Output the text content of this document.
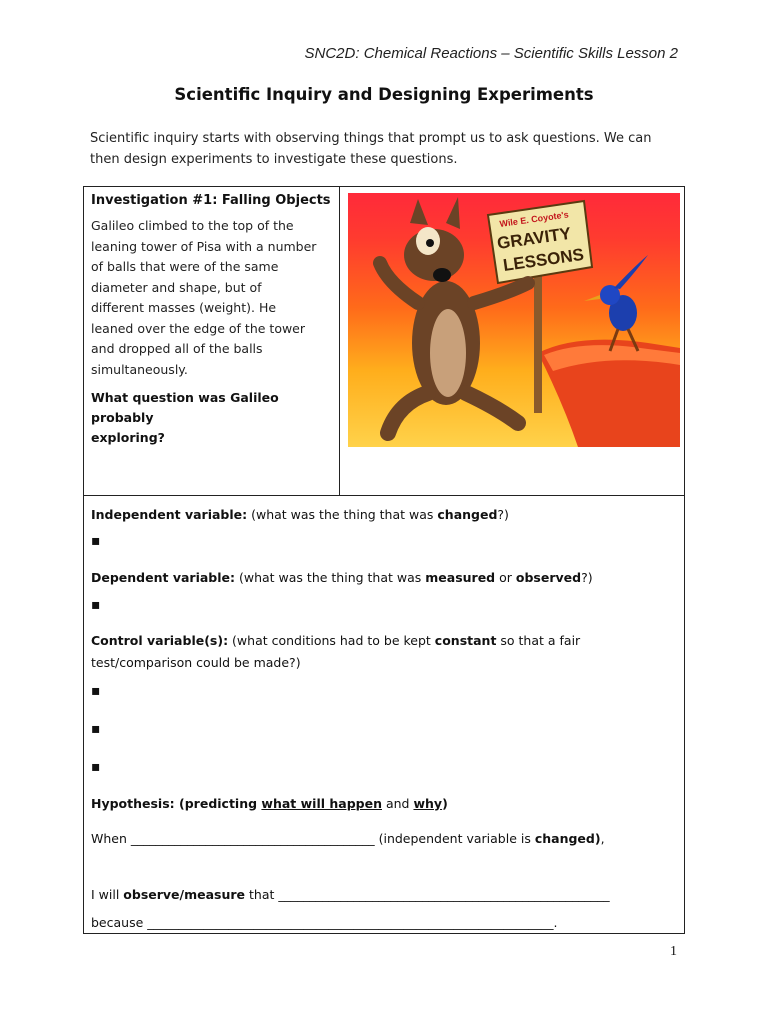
SNC2D: Chemical Reactions – Scientific Skills Lesson 2
Scientific Inquiry and Designing Experiments
Scientific inquiry starts with observing things that prompt us to ask questions. We can
then design experiments to investigate these questions.
Investigation #1: Falling Objects
Galileo climbed to the top of the
leaning tower of Pisa with a number
of balls that were of the same
diameter and shape, but of
different masses (weight). He
leaned over the edge of the tower
and dropped all of the balls
simultaneously.
What question was Galileo probably
exploring?
Wile E. Coyote's
GRAVITY
LESSONS
Independent variable: (what was the thing that was changed?)
▪
Dependent variable: (what was the thing that was measured or observed?)
▪
Control variable(s): (what conditions had to be kept constant so that a fair
test/comparison could be made?)
▪
▪
▪
Hypothesis: (predicting what will happen and why)
When _______________________________________ (independent variable is changed),
I will observe/measure that _____________________________________________________
because _________________________________________________________________.
1
